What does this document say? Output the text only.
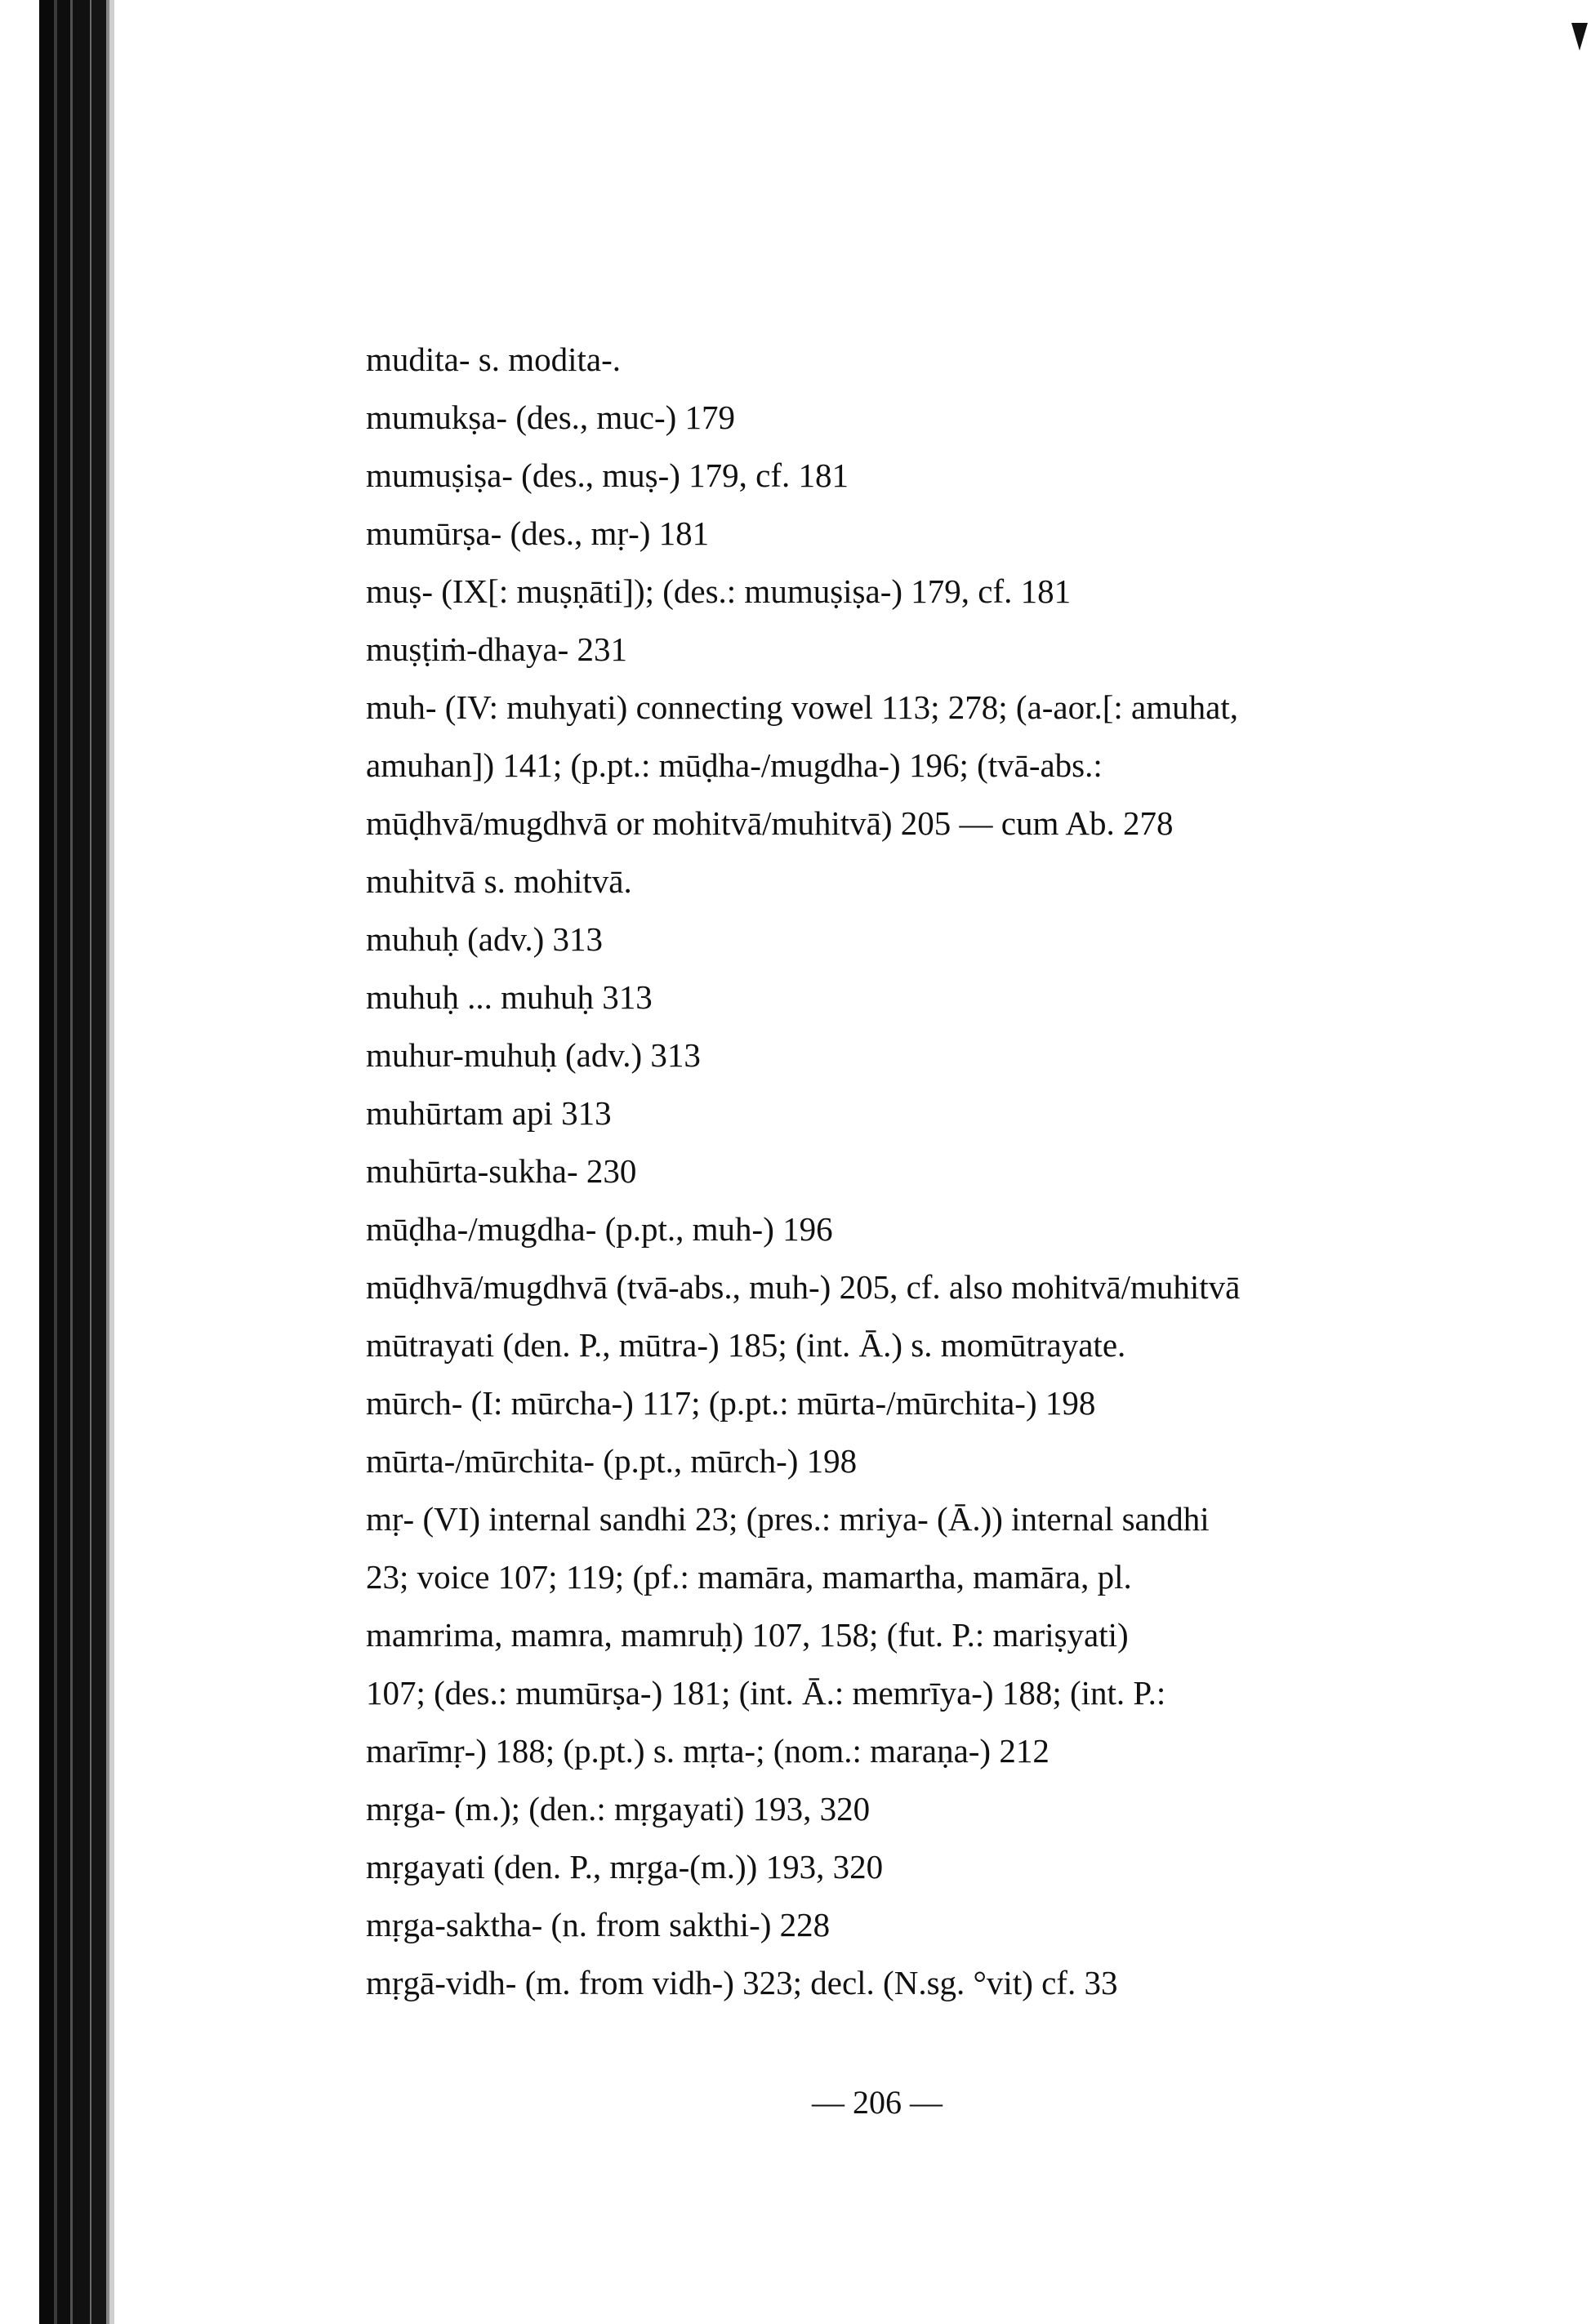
mudita- s. modita-.
mumukṣa- (des., muc-) 179
mumuṣiṣa- (des., muṣ-) 179, cf. 181
mumūrṣa- (des., mṛ-) 181
muṣ- (IX[: muṣṇāti]); (des.: mumuṣiṣa-) 179, cf. 181
muṣṭiṁ-dhaya- 231
muh- (IV: muhyati) connecting vowel 113; 278; (a-aor.[: amuhat,
amuhan]) 141; (p.pt.: mūḍha-/mugdha-) 196; (tvā-abs.:
mūḍhvā/mugdhvā or mohitvā/muhitvā) 205 — cum Ab. 278
muhitvā s. mohitvā.
muhuḥ (adv.) 313
muhuḥ ... muhuḥ 313
muhur-muhuḥ (adv.) 313
muhūrtam api 313
muhūrta-sukha- 230
mūḍha-/mugdha- (p.pt., muh-) 196
mūḍhvā/mugdhvā (tvā-abs., muh-) 205, cf. also mohitvā/muhitvā
mūtrayati (den. P., mūtra-) 185; (int. Ā.) s. momūtrayate.
mūrch- (I: mūrcha-) 117; (p.pt.: mūrta-/mūrchita-) 198
mūrta-/mūrchita- (p.pt., mūrch-) 198
mṛ- (VI) internal sandhi 23; (pres.: mriya- (Ā.)) internal sandhi
23; voice 107; 119; (pf.: mamāra, mamartha, mamāra, pl.
mamrima, mamra, mamruḥ) 107, 158; (fut. P.: mariṣyati)
107; (des.: mumūrṣa-) 181; (int. Ā.: memrīya-) 188; (int. P.:
marīmṛ-) 188; (p.pt.) s. mṛta-; (nom.: maraṇa-) 212
mṛga- (m.); (den.: mṛgayati) 193, 320
mṛgayati (den. P., mṛga-(m.)) 193, 320
mṛga-saktha- (n. from sakthi-) 228
mṛgā-vidh- (m. from vidh-) 323; decl. (N.sg. °vit) cf. 33
— 206 —
